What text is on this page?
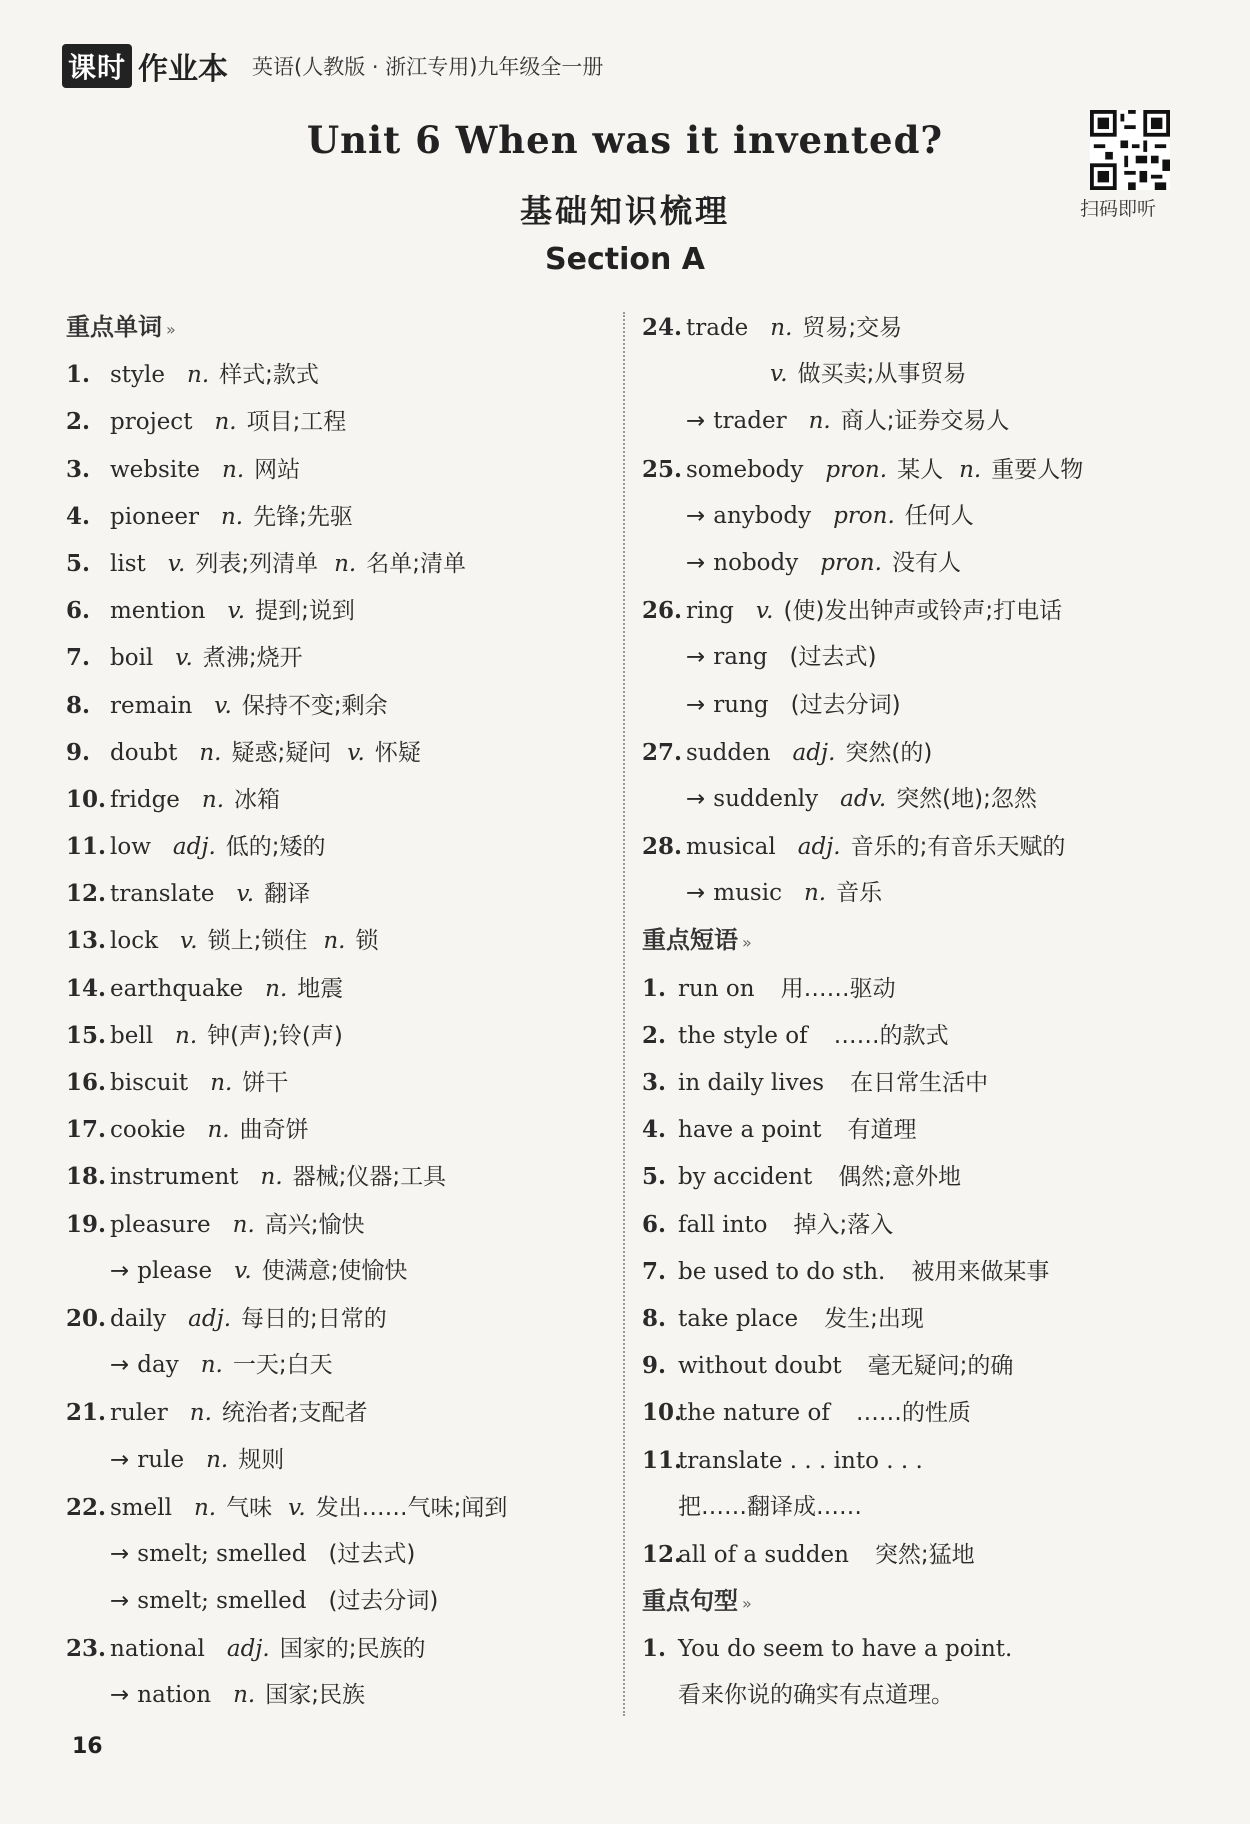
课时 作业本 英语(人教版 · 浙江专用)九年级全一册
Unit 6 When was it invented?
基础知识梳理
Section A
扫码即听
重点单词 »
1. style n. 样式;款式
2. project n. 项目;工程
3. website n. 网站
4. pioneer n. 先锋;先驱
5. list v. 列表;列清单 n. 名单;清单
6. mention v. 提到;说到
7. boil v. 煮沸;烧开
8. remain v. 保持不变;剩余
9. doubt n. 疑惑;疑问 v. 怀疑
10. fridge n. 冰箱
11. low adj. 低的;矮的
12. translate v. 翻译
13. lock v. 锁上;锁住 n. 锁
14. earthquake n. 地震
15. bell n. 钟(声);铃(声)
16. biscuit n. 饼干
17. cookie n. 曲奇饼
18. instrument n. 器械;仪器;工具
19. pleasure n. 高兴;愉快
→ please v. 使满意;使愉快
20. daily adj. 每日的;日常的
→ day n. 一天;白天
21. ruler n. 统治者;支配者
→ rule n. 规则
22. smell n. 气味 v. 发出……气味;闻到
→ smelt; smelled (过去式)
→ smelt; smelled (过去分词)
23. national adj. 国家的;民族的
→ nation n. 国家;民族
24. trade n. 贸易;交易
v. 做买卖;从事贸易
→ trader n. 商人;证券交易人
25. somebody pron. 某人 n. 重要人物
→ anybody pron. 任何人
→ nobody pron. 没有人
26. ring v. (使)发出钟声或铃声;打电话
→ rang (过去式)
→ rung (过去分词)
27. sudden adj. 突然(的)
→ suddenly adv. 突然(地);忽然
28. musical adj. 音乐的;有音乐天赋的
→ music n. 音乐
重点短语 »
1. run on 用……驱动
2. the style of ……的款式
3. in daily lives 在日常生活中
4. have a point 有道理
5. by accident 偶然;意外地
6. fall into 掉入;落入
7. be used to do sth. 被用来做某事
8. take place 发生;出现
9. without doubt 毫无疑问;的确
10.the nature of ……的性质
11.translate . . . into . . .
把……翻译成……
12.all of a sudden 突然;猛地
重点句型 »
1. You do seem to have a point.
看来你说的确实有点道理。
16
